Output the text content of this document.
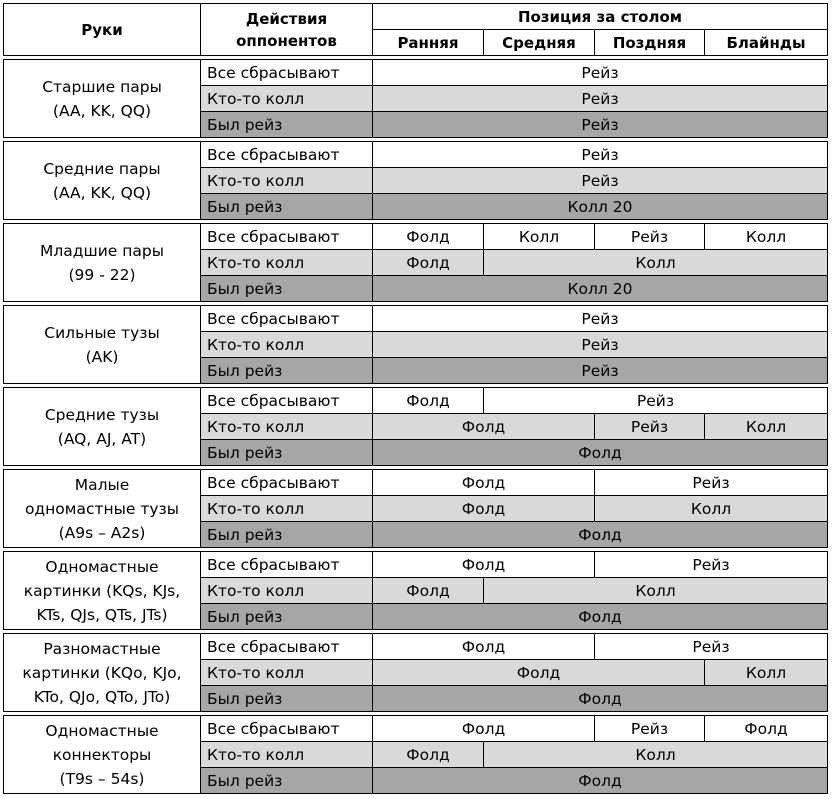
Руки	Действия оппонентов	Позиция за столом			
		Ранняя	Средняя	Поздняя	Блайнды

Старшие пары
(AA, KK, QQ)	Все сбрасывают	Рейз			
	Кто-то колл	Рейз			
	Был рейз	Рейз			

Средние пары
(AA, KK, QQ)	Все сбрасывают	Рейз			
	Кто-то колл	Рейз			
	Был рейз	Колл 20			

Младшие пары
(99 - 22)	Все сбрасывают	Фолд	Колл	Рейз	Колл
	Кто-то колл	Фолд	Колл		
	Был рейз	Колл 20			

Сильные тузы
(AK)	Все сбрасывают	Рейз			
	Кто-то колл	Рейз			
	Был рейз	Рейз			

Средние тузы
(AQ, AJ, AT)	Все сбрасывают	Фолд	Рейз		
	Кто-то колл	Фолд		Рейз	Колл
	Был рейз	Фолд			

Малые
одномастные тузы
(A9s – A2s)	Все сбрасывают	Фолд		Рейз	
	Кто-то колл	Фолд		Колл	
	Был рейз	Фолд			

Одномастные
картинки (KQs, KJs,
KTs, QJs, QTs, JTs)	Все сбрасывают	Фолд		Рейз	
	Кто-то колл	Фолд	Колл		
	Был рейз	Фолд			

Разномастные
картинки (KQo, KJo,
KTo, QJo, QTo, JTo)	Все сбрасывают	Фолд		Рейз	
	Кто-то колл	Фолд			Колл
	Был рейз	Фолд			

Одномастные
коннекторы
(T9s – 54s)	Все сбрасывают	Фолд		Рейз	Фолд
	Кто-то колл	Фолд	Колл		
	Был рейз	Фолд			
